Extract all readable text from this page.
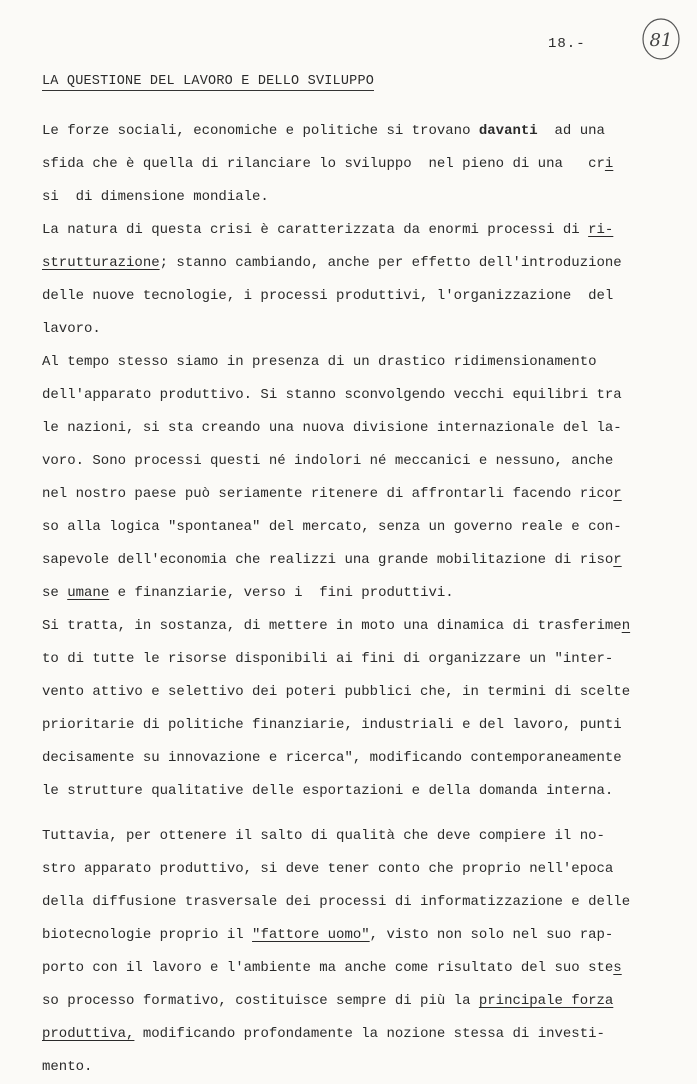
18.-	81
LA QUESTIONE DEL LAVORO E DELLO SVILUPPO
Le forze sociali, economiche e politiche si trovano davanti  ad una
sfida che è quella di rilanciare lo sviluppo  nel pieno di una   cri
si  di dimensione mondiale.
La natura di questa crisi è caratterizzata da enormi processi di ri-
strutturazione; stanno cambiando, anche per effetto dell'introduzione
delle nuove tecnologie, i processi produttivi, l'organizzazione  del
lavoro.
Al tempo stesso siamo in presenza di un drastico ridimensionamento
dell'apparato produttivo. Si stanno sconvolgendo vecchi equilibri tra
le nazioni, si sta creando una nuova divisione internazionale del la-
voro. Sono processi questi né indolori né meccanici e nessuno, anche
nel nostro paese può seriamente ritenere di affrontarli facendo ricor
so alla logica "spontanea" del mercato, senza un governo reale e con-
sapevole dell'economia che realizzi una grande mobilitazione di risor
se umane e finanziarie, verso i  fini produttivi.
Si tratta, in sostanza, di mettere in moto una dinamica di trasferimen
to di tutte le risorse disponibili ai fini di organizzare un "inter-
vento attivo e selettivo dei poteri pubblici che, in termini di scelte
prioritarie di politiche finanziarie, industriali e del lavoro, punti
decisamente su innovazione e ricerca", modificando contemporaneamente
le strutture qualitative delle esportazioni e della domanda interna.
Tuttavia, per ottenere il salto di qualità che deve compiere il no-
stro apparato produttivo, si deve tener conto che proprio nell'epoca
della diffusione trasversale dei processi di informatizzazione e delle
biotecnologie proprio il "fattore uomo", visto non solo nel suo rap-
porto con il lavoro e l'ambiente ma anche come risultato del suo stes
so processo formativo, costituisce sempre di più la principale forza
produttiva, modificando profondamente la nozione stessa di investi-
mento.
